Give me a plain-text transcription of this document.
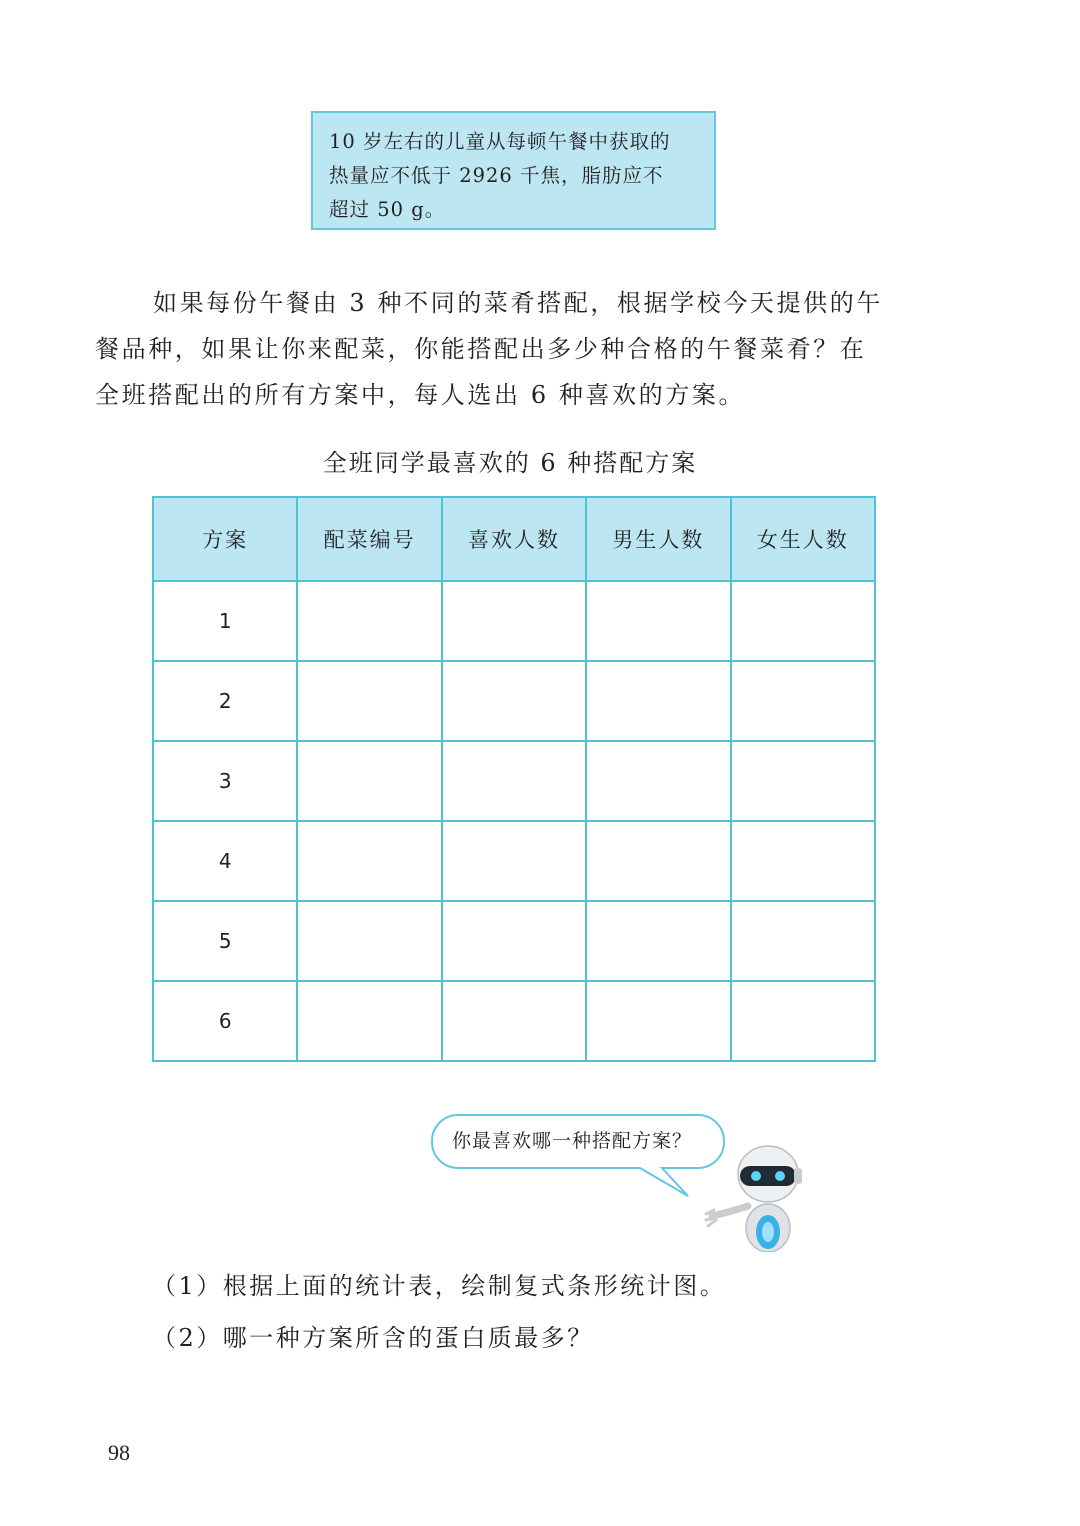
10 岁左右的儿童从每顿午餐中获取的
热量应不低于 2926 千焦，脂肪应不
超过 50 g。
如果每份午餐由 3 种不同的菜肴搭配，根据学校今天提供的午
餐品种，如果让你来配菜，你能搭配出多少种合格的午餐菜肴？在
全班搭配出的所有方案中，每人选出 6 种喜欢的方案。
全班同学最喜欢的 6 种搭配方案
方案	配菜编号	喜欢人数	男生人数	女生人数
1				
2				
3				
4				
5				
6				
你最喜欢哪一种搭配方案？
（1）根据上面的统计表，绘制复式条形统计图。
（2）哪一种方案所含的蛋白质最多？
98
